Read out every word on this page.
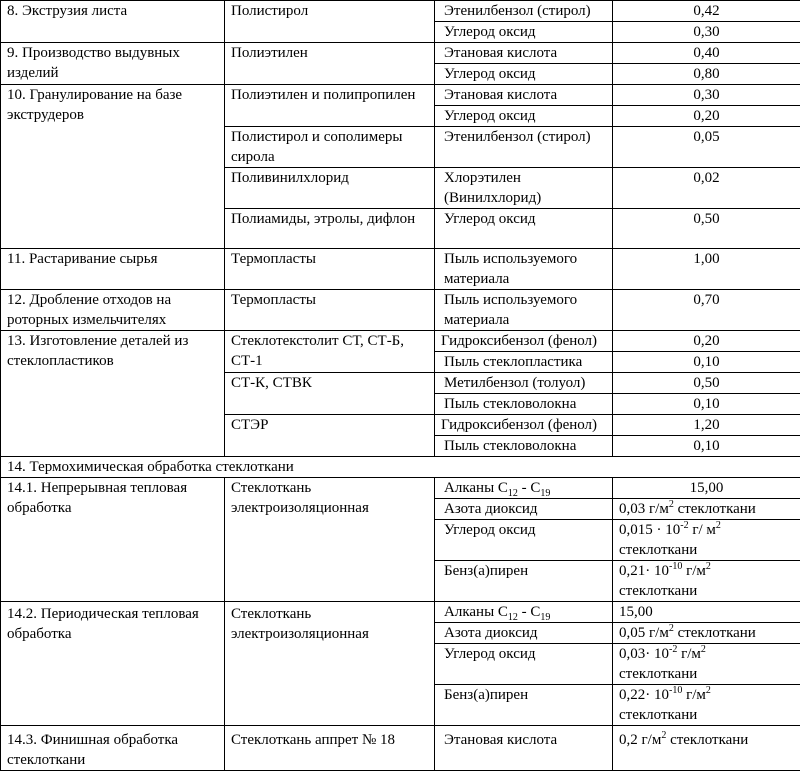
8. Экструзия листа	Полистирол	Этенилбензол (стирол)	0,42
		Углерод оксид	0,30
9. Производство выдувных изделий	Полиэтилен	Этановая кислота	0,40
		Углерод оксид	0,80
10. Гранулирование на базе экструдеров	Полиэтилен и полипропилен	Этановая кислота	0,30
		Углерод оксид	0,20
	Полистирол и сополимеры сирола	Этенилбензол (стирол)	0,05
	Поливинилхлорид	Хлорэтилен (Винилхлорид)	0,02
	Полиамиды, этролы, дифлон	Углерод оксид	0,50
11. Растаривание сырья	Термопласты	Пыль используемого материала	1,00
12. Дробление отходов на роторных измельчителях	Термопласты	Пыль используемого материала	0,70
13. Изготовление деталей из стеклопластиков	Стеклотекстолит СТ, СТ-Б, СТ-1	Гидроксибензол (фенол)	0,20
		Пыль стеклопластика	0,10
	СТ-К, СТВК	Метилбензол (толуол)	0,50
		Пыль стекловолокна	0,10
	СТЭР	Гидроксибензол (фенол)	1,20
		Пыль стекловолокна	0,10
14. Термохимическая обработка стеклоткани			
14.1. Непрерывная тепловая обработка	Стеклоткань электроизоляционная	Алканы $C_{12} - C_{19}$	15,00
		Азота диоксид	0,03 $г/м^2$ стеклоткани
		Углерод оксид	$0,015 \cdot 10^{-2}$ г/ $м^2$
стеклоткани
		Бенз(а)пирен	$0,21\cdot 10^{-10}$ $г/м^2$
стеклоткани
14.2. Периодическая тепловая обработка	Стеклоткань электроизоляционная	Алканы $C_{12} - C_{19}$	15,00
		Азота диоксид	0,05 $г/м^2$ стеклоткани
		Углерод оксид	$0,03\cdot 10^{-2}$ $г/м^2$
стеклоткани
		Бенз(а)пирен	$0,22\cdot 10^{-10}$ $г/м^2$
стеклоткани
14.3. Финишная обработка стеклоткани	Стеклоткань аппрет № 18	Этановая кислота	0,2 $г/м^2$ стеклоткани
